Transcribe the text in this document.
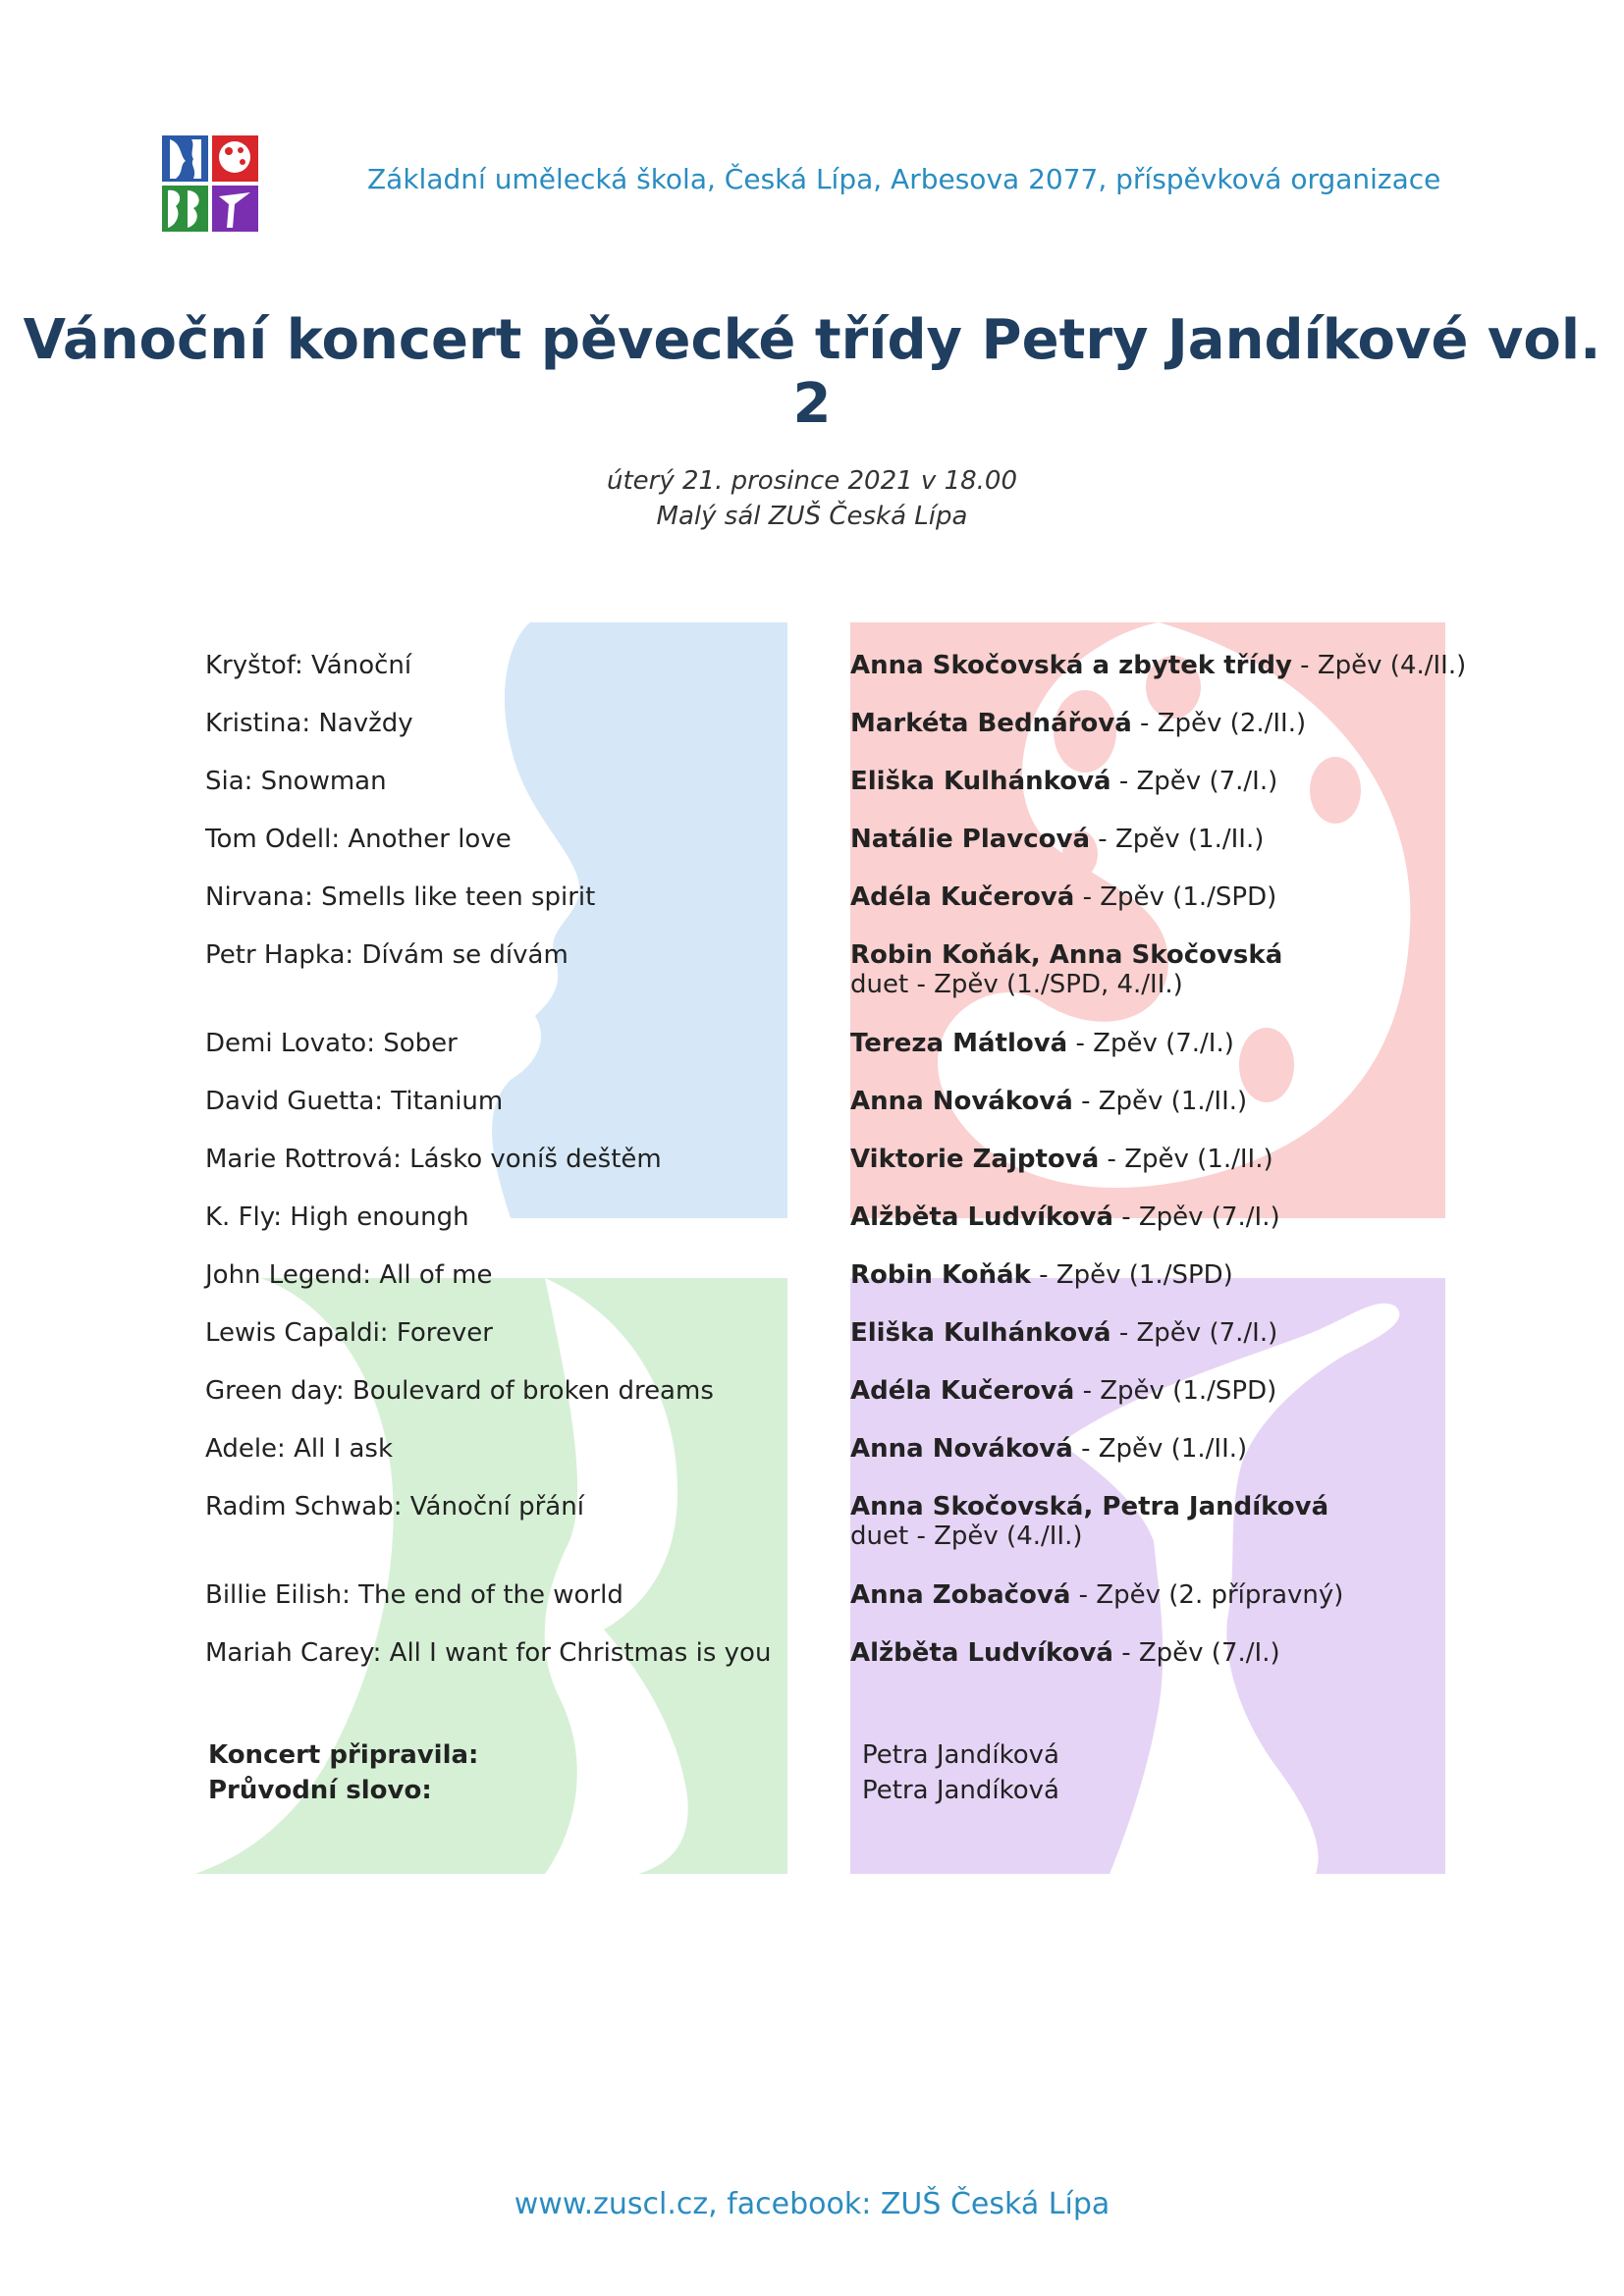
Základní umělecká škola, Česká Lípa, Arbesova 2077, příspěvková organizace
Vánoční koncert pěvecké třídy Petry Jandíkové vol. 2
úterý 21. prosince 2021 v 18.00
Malý sál ZUŠ Česká Lípa
Kryštof: Vánoční
Kristina: Navždy
Sia: Snowman
Tom Odell: Another love
Nirvana: Smells like teen spirit
Petr Hapka: Dívám se dívám
Demi Lovato: Sober
David Guetta: Titanium
Marie Rottrová: Lásko voníš deštěm
K. Fly: High enoungh
John Legend: All of me
Lewis Capaldi: Forever
Green day: Boulevard of broken dreams
Adele: All I ask
Radim Schwab: Vánoční přání
Billie Eilish: The end of the world
Mariah Carey: All I want for Christmas is you
Anna Skočovská a zbytek třídy - Zpěv (4./II.)
Markéta Bednářová - Zpěv (2./II.)
Eliška Kulhánková - Zpěv (7./I.)
Natálie Plavcová - Zpěv (1./II.)
Adéla Kučerová - Zpěv (1./SPD)
Robin Koňák, Anna Skočovská
duet - Zpěv (1./SPD, 4./II.)
Tereza Mátlová - Zpěv (7./I.)
Anna Nováková - Zpěv (1./II.)
Viktorie Zajptová - Zpěv (1./II.)
Alžběta Ludvíková - Zpěv (7./I.)
Robin Koňák - Zpěv (1./SPD)
Eliška Kulhánková - Zpěv (7./I.)
Adéla Kučerová - Zpěv (1./SPD)
Anna Nováková - Zpěv (1./II.)
Anna Skočovská, Petra Jandíková
duet - Zpěv (4./II.)
Anna Zobačová - Zpěv (2. přípravný)
Alžběta Ludvíková - Zpěv (7./I.)
Koncert připravila:
Průvodní slovo:
Petra Jandíková
Petra Jandíková
www.zuscl.cz, facebook: ZUŠ Česká Lípa
